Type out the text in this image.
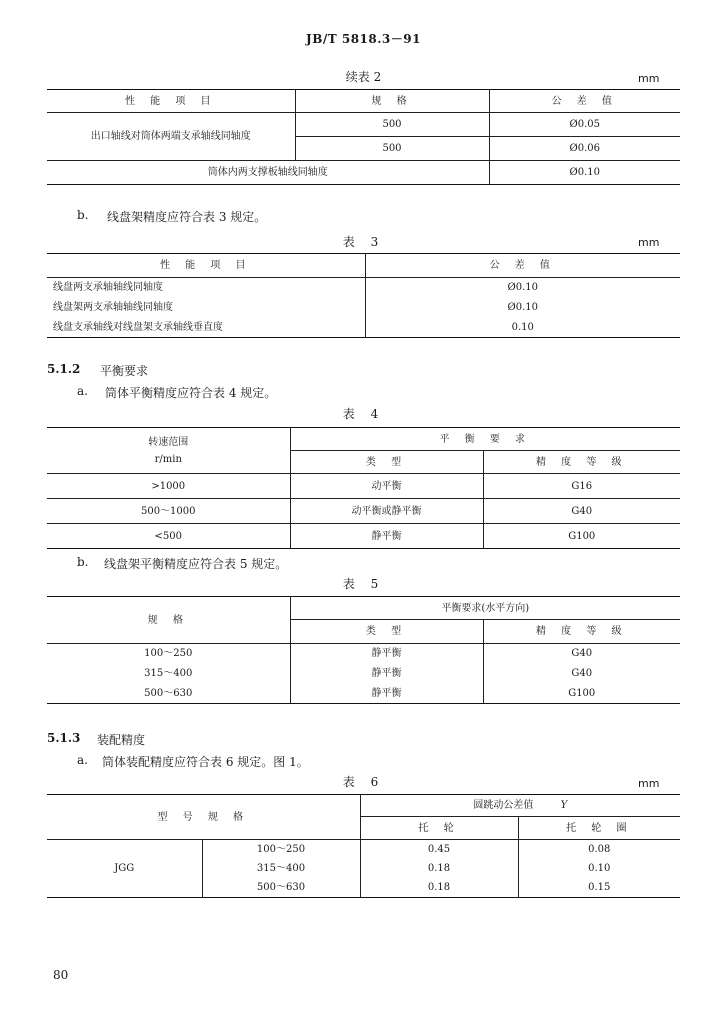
JB/T 5818.3－91
续表 2	mm
性 能 项 目	规 格	公 差 值
出口轴线对筒体两端支承轴线同轴度	500	Ø0.05
	500	Ø0.06
筒体内两支撑板轴线同轴度		Ø0.10
b. 线盘架精度应符合表 3 规定。
表 3	mm
性 能 项 目	公 差 值
线盘两支承轴轴线同轴度	Ø0.10
线盘架两支承轴轴线同轴度	Ø0.10
线盘支承轴线对线盘架支承轴线垂直度	0.10
5.1.2 平衡要求
a. 筒体平衡精度应符合表 4 规定。
表 4
转速范围
r/min	平 衡 要 求	
	类 型	精 度 等 级
>1000	动平衡	G16
500～1000	动平衡或静平衡	G40
<500	静平衡	G100
b. 线盘架平衡精度应符合表 5 规定。
表 5
规 格	平衡要求(水平方向)	
	类 型	精 度 等 级
100～250	静平衡	G40
315～400	静平衡	G40
500～630	静平衡	G100
5.1.3 装配精度
a. 筒体装配精度应符合表 6 规定。图 1。
表 6	mm
型 号 规 格		圆跳动公差值 Y	
		托 轮	托 轮 圈
JGG	100～250	0.45	0.08
	315～400	0.18	0.10
	500～630	0.18	0.15
80
